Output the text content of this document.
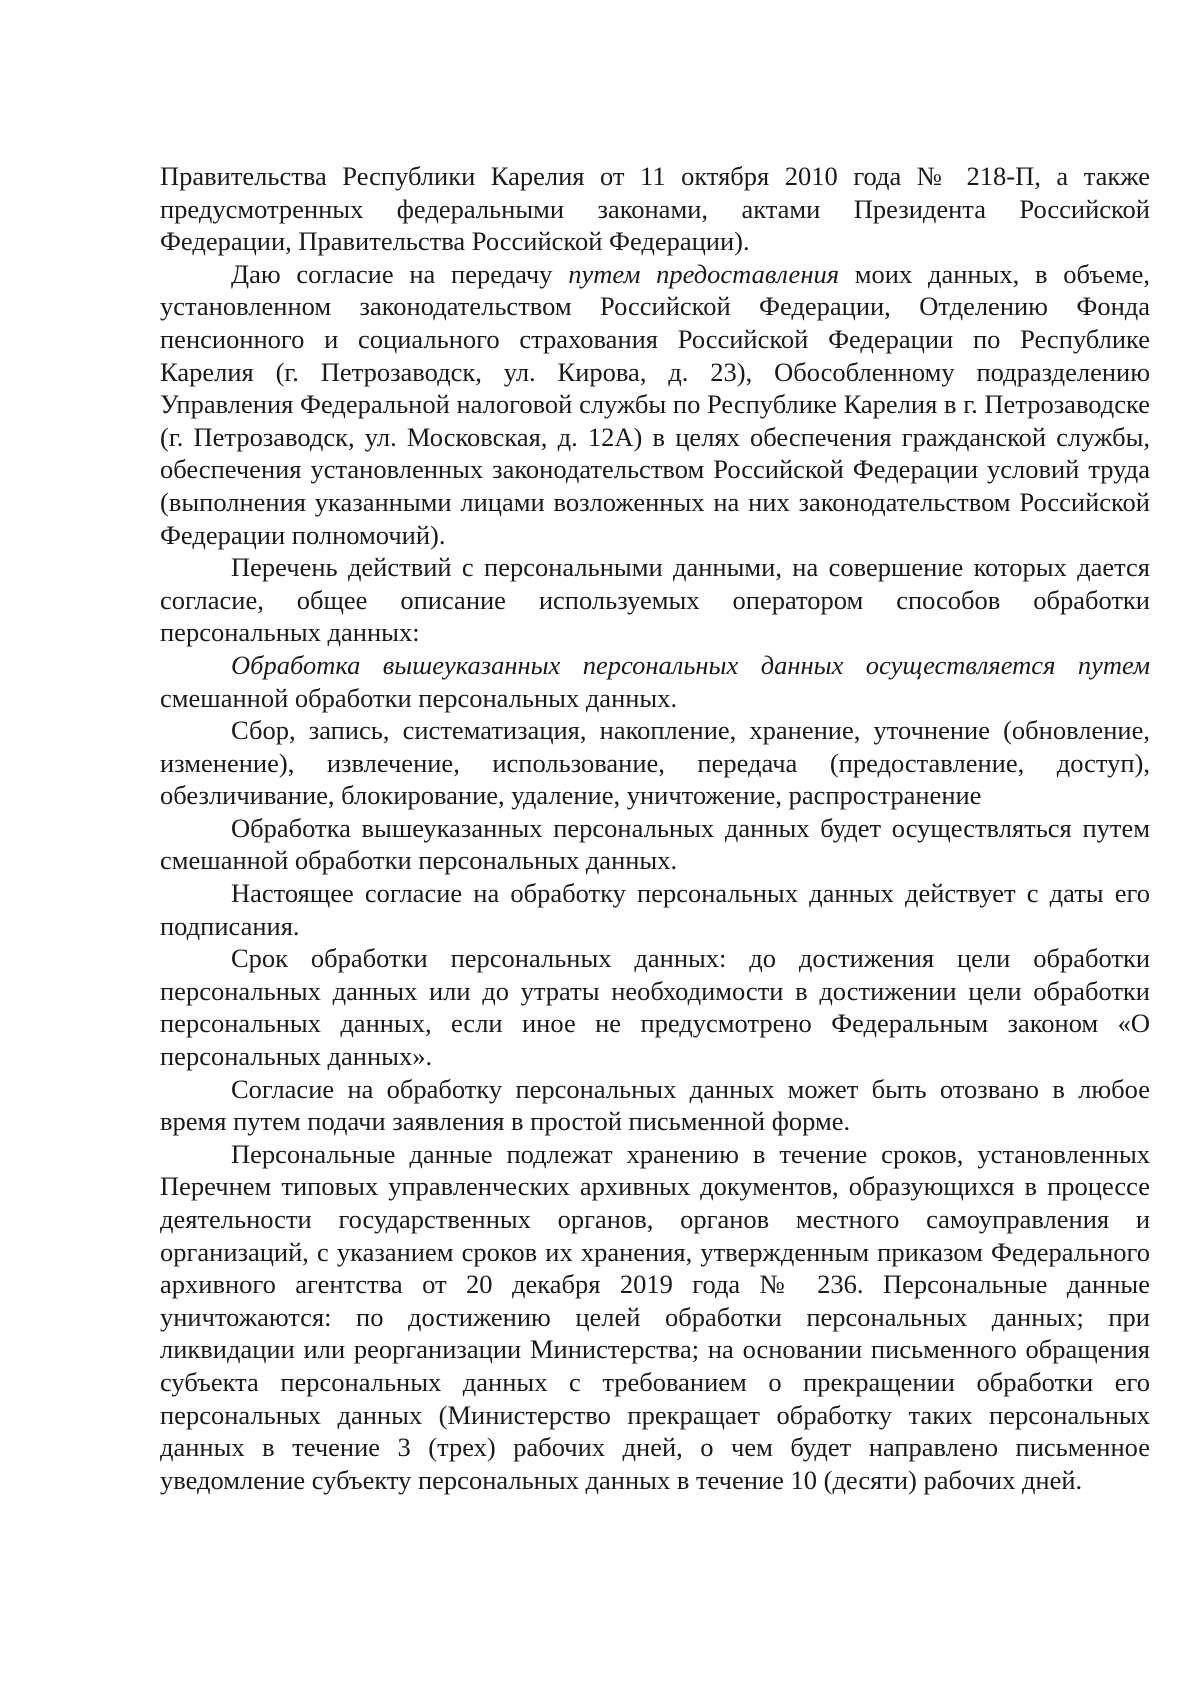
Правительства Республики Карелия от 11 октября 2010 года № 218-П, а также предусмотренных федеральными законами, актами Президента Российской Федерации, Правительства Российской Федерации).

Даю согласие на передачу путем предоставления моих данных, в объеме, установленном законодательством Российской Федерации, Отделению Фонда пенсионного и социального страхования Российской Федерации по Республике Карелия (г. Петрозаводск, ул. Кирова, д. 23), Обособленному подразделению Управления Федеральной налоговой службы по Республике Карелия в г. Петрозаводске (г. Петрозаводск, ул. Московская, д. 12А) в целях обеспечения гражданской службы, обеспечения установленных законодательством Российской Федерации условий труда (выполнения указанными лицами возложенных на них законодательством Российской Федерации полномочий).

Перечень действий с персональными данными, на совершение которых дается согласие, общее описание используемых оператором способов обработки персональных данных:

Обработка вышеуказанных персональных данных осуществляется путем смешанной обработки персональных данных.

Сбор, запись, систематизация, накопление, хранение, уточнение (обновление, изменение), извлечение, использование, передача (предоставление, доступ), обезличивание, блокирование, удаление, уничтожение, распространение

Обработка вышеуказанных персональных данных будет осуществляться путем смешанной обработки персональных данных.

Настоящее согласие на обработку персональных данных действует с даты его подписания.

Срок обработки персональных данных: до достижения цели обработки персональных данных или до утраты необходимости в достижении цели обработки персональных данных, если иное не предусмотрено Федеральным законом «О персональных данных».

Согласие на обработку персональных данных может быть отозвано в любое время путем подачи заявления в простой письменной форме.

Персональные данные подлежат хранению в течение сроков, установленных Перечнем типовых управленческих архивных документов, образующихся в процессе деятельности государственных органов, органов местного самоуправления и организаций, с указанием сроков их хранения, утвержденным приказом Федерального архивного агентства от 20 декабря 2019 года № 236. Персональные данные уничтожаются: по достижению целей обработки персональных данных; при ликвидации или реорганизации Министерства; на основании письменного обращения субъекта персональных данных с требованием о прекращении обработки его персональных данных (Министерство прекращает обработку таких персональных данных в течение 3 (трех) рабочих дней, о чем будет направлено письменное уведомление субъекту персональных данных в течение 10 (десяти) рабочих дней.
